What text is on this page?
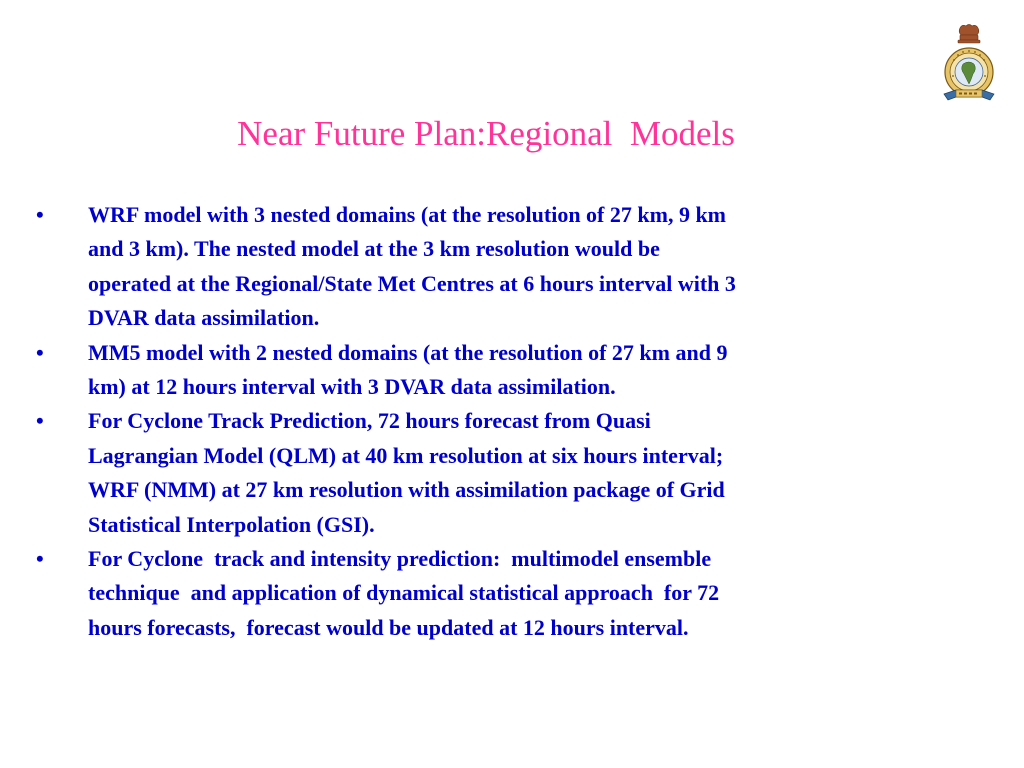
Near Future Plan:Regional  Models
•	WRF model with 3 nested domains (at the resolution of 27 km, 9 km
and 3 km). The nested model at the 3 km resolution would be
operated at the Regional/State Met Centres at 6 hours interval with 3
DVAR data assimilation.
•	MM5 model with 2 nested domains (at the resolution of 27 km and 9
km) at 12 hours interval with 3 DVAR data assimilation.
•	For Cyclone Track Prediction, 72 hours forecast from Quasi
Lagrangian Model (QLM) at 40 km resolution at six hours interval;
WRF (NMM) at 27 km resolution with assimilation package of Grid
Statistical Interpolation (GSI).
•	For Cyclone  track and intensity prediction:  multimodel ensemble
technique  and application of dynamical statistical approach  for 72
hours forecasts,  forecast would be updated at 12 hours interval.
